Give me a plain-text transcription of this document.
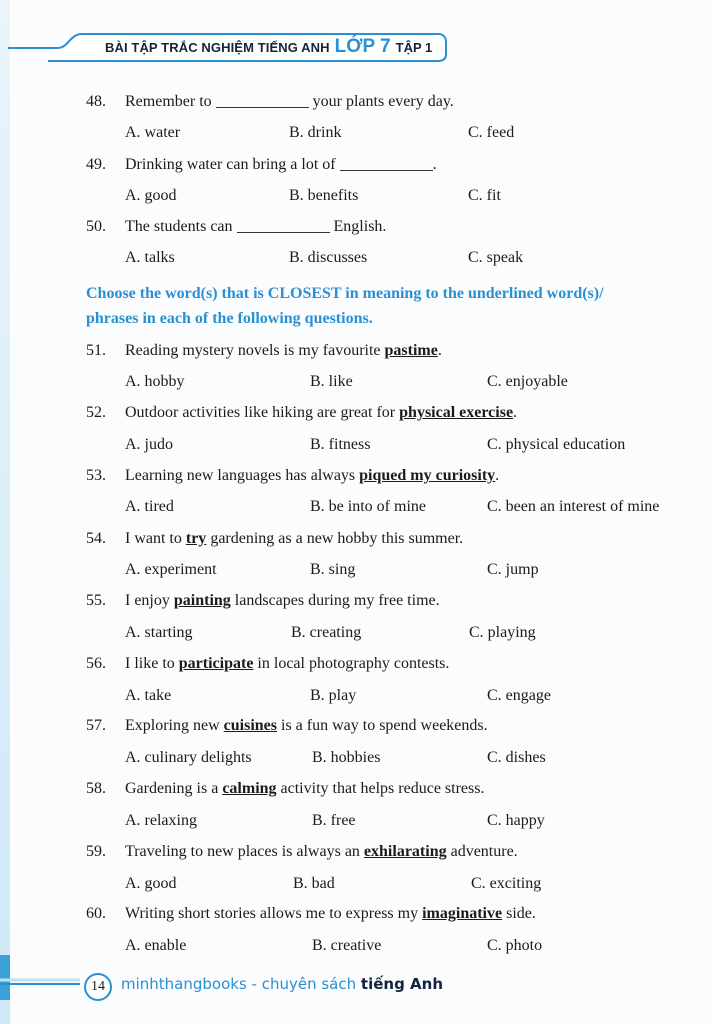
BÀI TẬP TRẮC NGHIỆM TIẾNG ANH LỚP 7 TẬP 1
48.	Remember to	your plants every day.
A. water	B. drink	C. feed
49.	Drinking water can bring a lot of	.
A. good	B. benefits	C. fit
50.	The students can	English.
A. talks	B. discusses	C. speak
Choose the word(s) that is CLOSEST in meaning to the underlined word(s)/
phrases in each of the following questions.
51.	Reading mystery novels is my favourite pastime .
A. hobby	B. like	C. enjoyable
52.	Outdoor activities like hiking are great for physical exercise .
A. judo	B. fitness	C. physical education
53.	Learning new languages has always piqued my curiosity .
A. tired	B. be into of mine	C. been an interest of mine
54.	I want to try gardening as a new hobby this summer.
A. experiment	B. sing	C. jump
55.	I enjoy painting landscapes during my free time.
A. starting	B. creating	C. playing
56.	I like to participate in local photography contests.
A. take	B. play	C. engage
57.	Exploring new cuisines is a fun way to spend weekends.
A. culinary delights	B. hobbies	C. dishes
58.	Gardening is a calming activity that helps reduce stress.
A. relaxing	B. free	C. happy
59.	Traveling to new places is always an exhilarating adventure.
A. good	B. bad	C. exciting
60.	Writing short stories allows me to express my imaginative side.
A. enable	B. creative	C. photo
14	minhthangbooks - chuyên sách tiếng Anh
